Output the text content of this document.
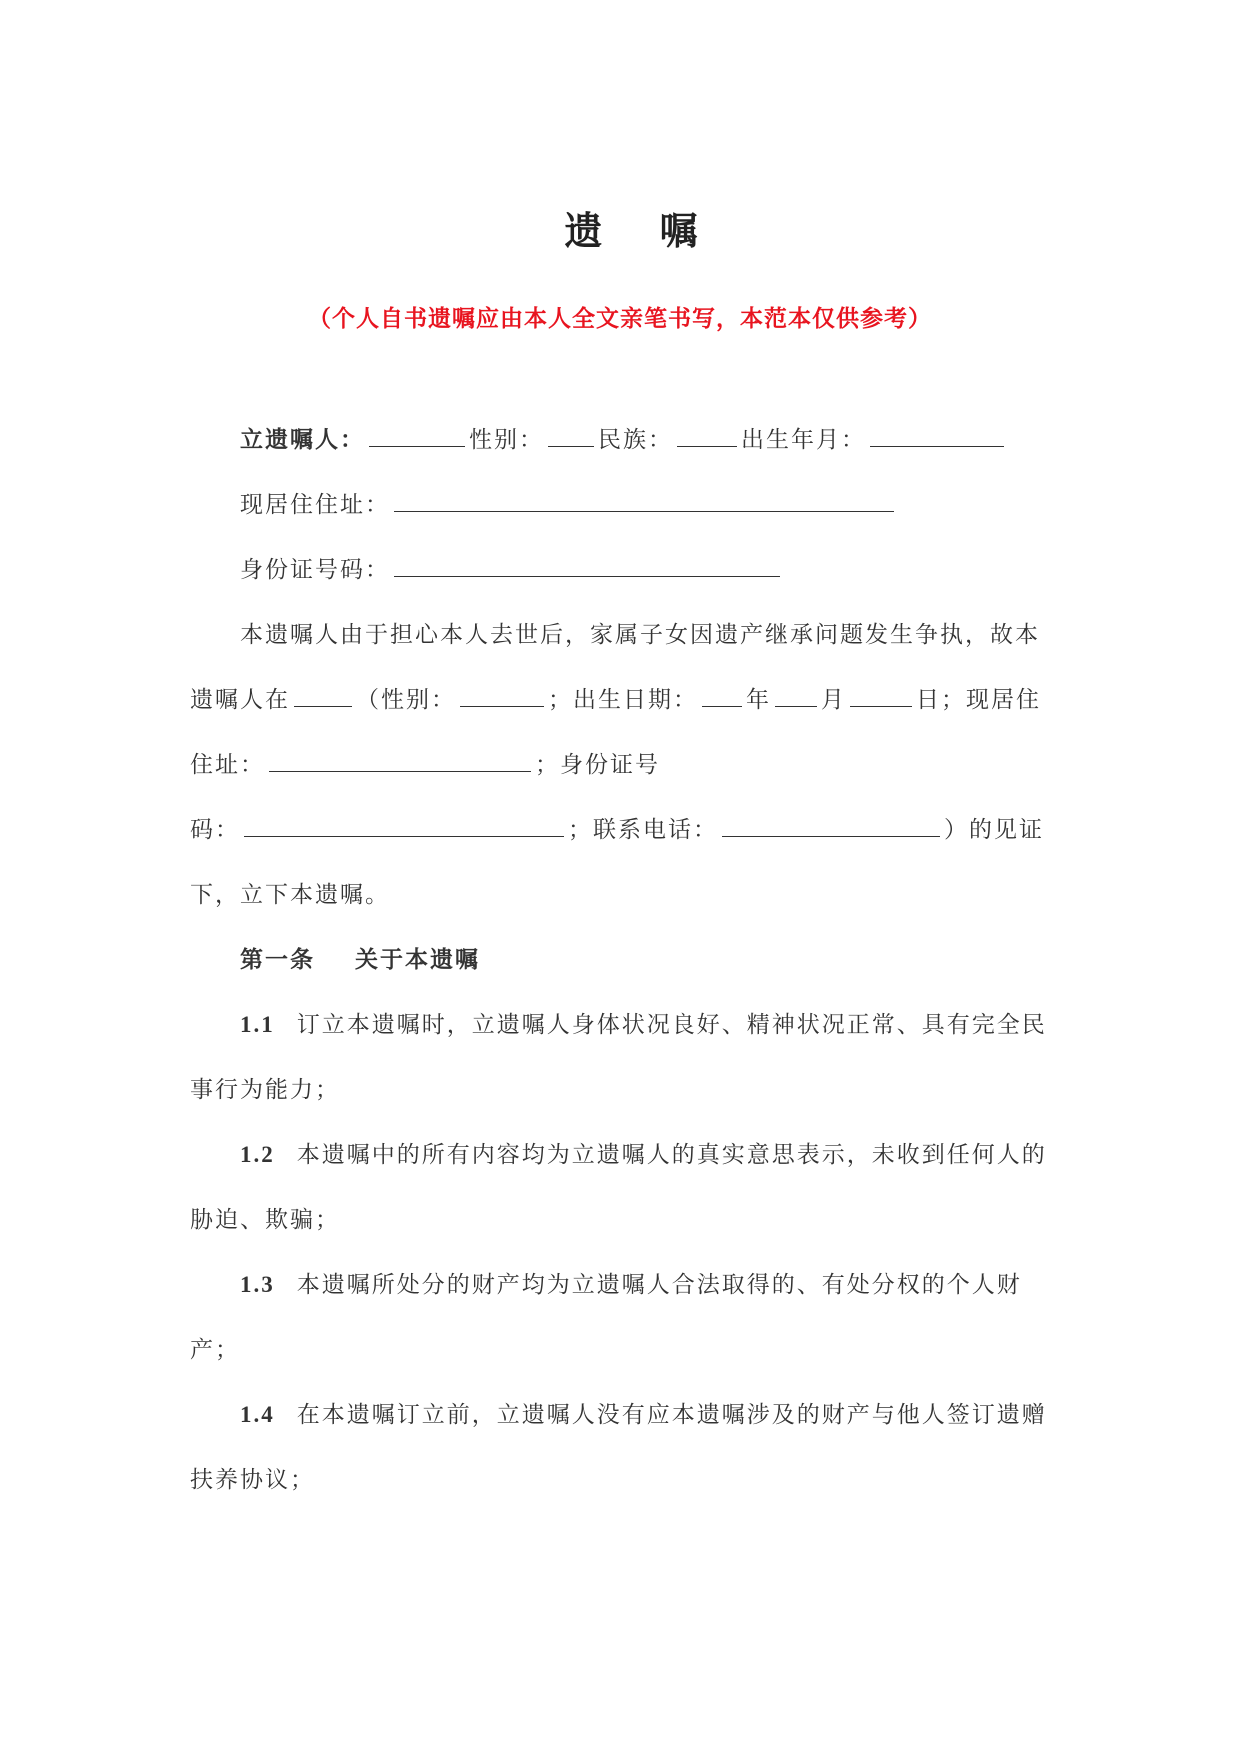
遗 嘱
（个人自书遗嘱应由本人全文亲笔书写，本范本仅供参考）
立遗嘱人：	性别： 民族：	出生年月：
现居住住址：
身份证号码：
本遗嘱人由于担心本人去世后，家属子女因遗产继承问题发生争执，故本
遗嘱人在	（性别：	；出生日期： 年 月	日；现居住
住址：	；身份证号
码：	；联系电话：	）的见证
下，立下本遗嘱。
第一条    关于本遗嘱
1.1 订立本遗嘱时，立遗嘱人身体状况良好、精神状况正常、具有完全民
事行为能力；
1.2 本遗嘱中的所有内容均为立遗嘱人的真实意思表示，未收到任何人的
胁迫、欺骗；
1.3 本遗嘱所处分的财产均为立遗嘱人合法取得的、有处分权的个人财
产；
1.4 在本遗嘱订立前，立遗嘱人没有应本遗嘱涉及的财产与他人签订遗赠
扶养协议；
